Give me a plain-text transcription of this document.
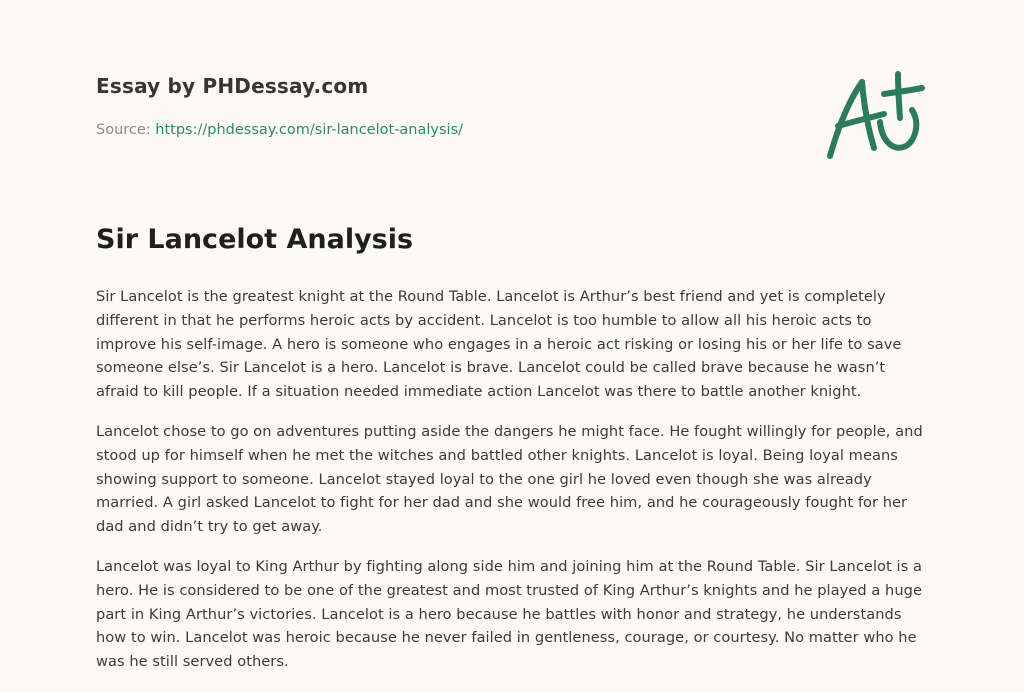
Essay by PHDessay.com
Source: https://phdessay.com/sir-lancelot-analysis/
Sir Lancelot Analysis

Sir Lancelot is the greatest knight at the Round Table. Lancelot is Arthur’s best friend and yet is completely different in that he performs heroic acts by accident. Lancelot is too humble to allow all his heroic acts to improve his self-image. A hero is someone who engages in a heroic act risking or losing his or her life to save someone else’s. Sir Lancelot is a hero. Lancelot is brave. Lancelot could be called brave because he wasn’t afraid to kill people. If a situation needed immediate action Lancelot was there to battle another knight.

Lancelot chose to go on adventures putting aside the dangers he might face. He fought willingly for people, and stood up for himself when he met the witches and battled other knights. Lancelot is loyal. Being loyal means showing support to someone. Lancelot stayed loyal to the one girl he loved even though she was already married. A girl asked Lancelot to fight for her dad and she would free him, and he courageously fought for her dad and didn’t try to get away.

Lancelot was loyal to King Arthur by fighting along side him and joining him at the Round Table. Sir Lancelot is a hero. He is considered to be one of the greatest and most trusted of King Arthur’s knights and he played a huge part in King Arthur’s victories. Lancelot is a hero because he battles with honor and strategy, he understands how to win. Lancelot was heroic because he never failed in gentleness, courage, or courtesy. No matter who he was he still served others.
